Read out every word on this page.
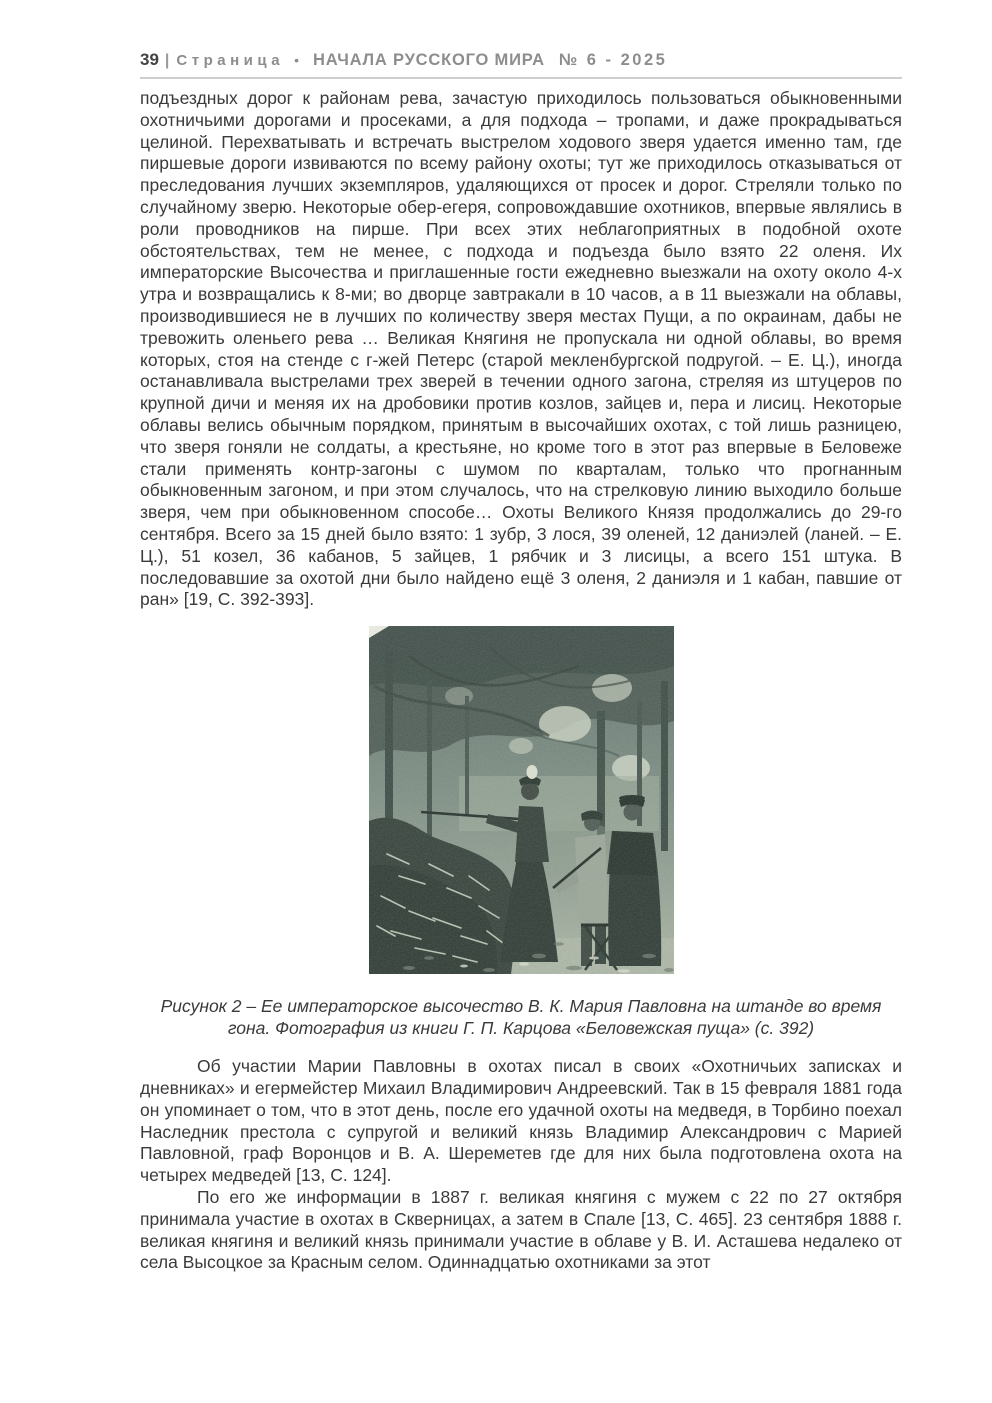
39 | Страница • НАЧАЛА РУССКОГО МИРА № 6 - 2025

подъездных дорог к районам рева, зачастую приходилось пользоваться обыкновенными охотничьими дорогами и просеками, а для подхода – тропами, и даже прокрадываться целиной. Перехватывать и встречать выстрелом ходового зверя удается именно там, где пиршевые дороги извиваются по всему району охоты; тут же приходилось отказываться от преследования лучших экземпляров, удаляющихся от просек и дорог. Стреляли только по случайному зверю. Некоторые обер-егеря, сопровождавшие охотников, впервые являлись в роли проводников на пирше. При всех этих неблагоприятных в подобной охоте обстоятельствах, тем не менее, с подхода и подъезда было взято 22 оленя. Их императорские Высочества и приглашенные гости ежедневно выезжали на охоту около 4-х утра и возвращались к 8-ми; во дворце завтракали в 10 часов, а в 11 выезжали на облавы, производившиеся не в лучших по количеству зверя местах Пущи, а по окраинам, дабы не тревожить оленьего рева … Великая Княгиня не пропускала ни одной облавы, во время которых, стоя на стенде с г-жей Петерс (старой мекленбургской подругой. – Е. Ц.), иногда останавливала выстрелами трех зверей в течении одного загона, стреляя из штуцеров по крупной дичи и меняя их на дробовики против козлов, зайцев и, пера и лисиц. Некоторые облавы велись обычным порядком, принятым в высочайших охотах, с той лишь разницею, что зверя гоняли не солдаты, а крестьяне, но кроме того в этот раз впервые в Беловеже стали применять контр-загоны с шумом по кварталам, только что прогнанным обыкновенным загоном, и при этом случалось, что на стрелковую линию выходило больше зверя, чем при обыкновенном способе… Охоты Великого Князя продолжались до 29-го сентября. Всего за 15 дней было взято: 1 зубр, 3 лося, 39 оленей, 12 даниэлей (ланей. – Е. Ц.), 51 козел, 36 кабанов, 5 зайцев, 1 рябчик и 3 лисицы, а всего 151 штука. В последовавшие за охотой дни было найдено ещё 3 оленя, 2 даниэля и 1 кабан, павшие от ран» [19, С. 392-393].

Рисунок 2 – Ее императорское высочество В. К. Мария Павловна на штанде во время гона. Фотография из книги Г. П. Карцова «Беловежская пуща» (с. 392)

Об участии Марии Павловны в охотах писал в своих «Охотничьих записках и дневниках» и егермейстер Михаил Владимирович Андреевский. Так в 15 февраля 1881 года он упоминает о том, что в этот день, после его удачной охоты на медведя, в Торбино поехал Наследник престола с супругой и великий князь Владимир Александрович с Марией Павловной, граф Воронцов и В. А. Шереметев где для них была подготовлена охота на четырех медведей [13, С. 124].

По его же информации в 1887 г. великая княгиня с мужем с 22 по 27 октября принимала участие в охотах в Скверницах, а затем в Спале [13, С. 465]. 23 сентября 1888 г. великая княгиня и великий князь принимали участие в облаве у В. И. Асташева недалеко от села Высоцкое за Красным селом. Одиннадцатью охотниками за этот
